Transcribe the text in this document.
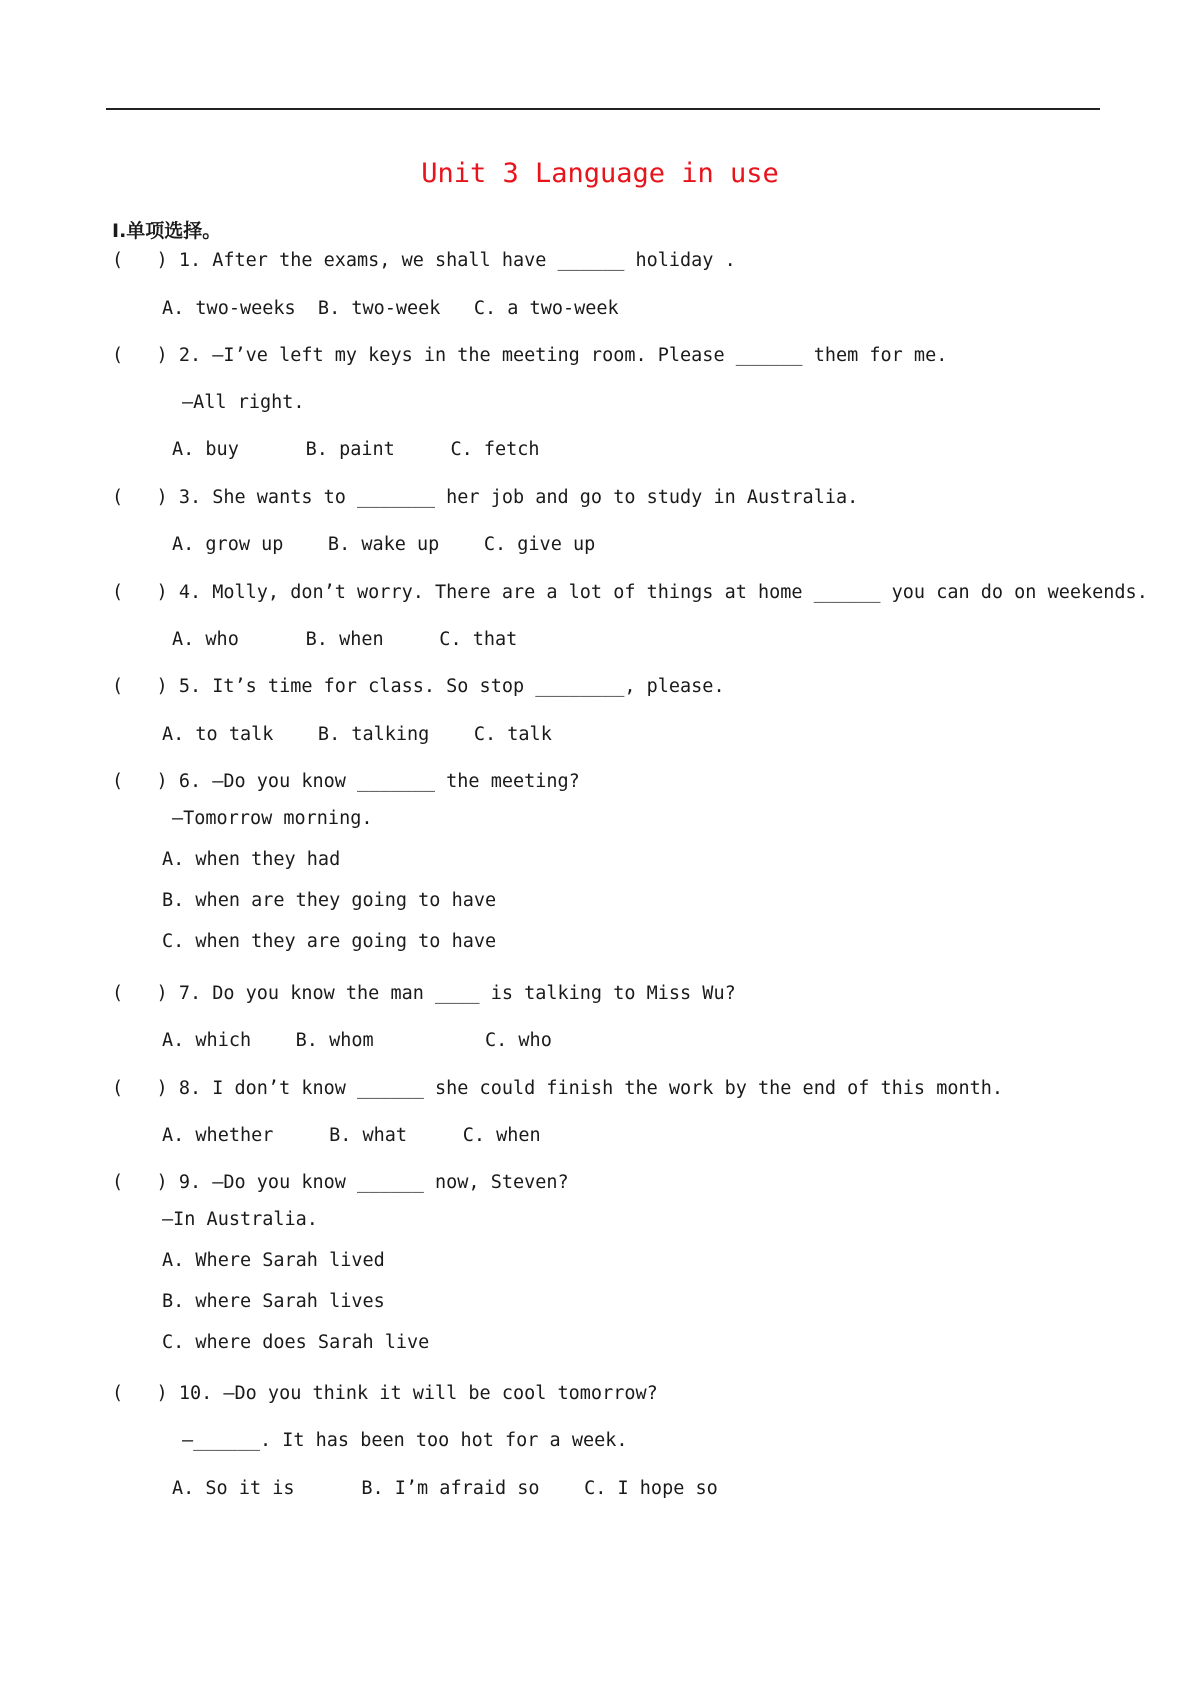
Unit 3 Language in use
Ⅰ.单项选择。
(   ) 1. After the exams, we shall have ______ holiday .
A. two-weeks  B. two-week   C. a two-week
(   ) 2. —I’ve left my keys in the meeting room. Please ______ them for me.
—All right.
A. buy      B. paint     C. fetch
(   ) 3. She wants to _______ her job and go to study in Australia.
A. grow up    B. wake up    C. give up
(   ) 4. Molly, don’t worry. There are a lot of things at home ______ you can do on weekends.
A. who      B. when     C. that
(   ) 5. It’s time for class. So stop ________, please.
A. to talk    B. talking    C. talk
(   ) 6. —Do you know _______ the meeting?
—Tomorrow morning.
A. when they had
B. when are they going to have
C. when they are going to have
(   ) 7. Do you know the man ____ is talking to Miss Wu?
A. which    B. whom          C. who
(   ) 8. I don’t know ______ she could finish the work by the end of this month.
A. whether     B. what     C. when
(   ) 9. —Do you know ______ now, Steven?
—In Australia.
A. Where Sarah lived
B. where Sarah lives
C. where does Sarah live
(   ) 10. —Do you think it will be cool tomorrow?
—______. It has been too hot for a week.
A. So it is      B. I’m afraid so    C. I hope so
